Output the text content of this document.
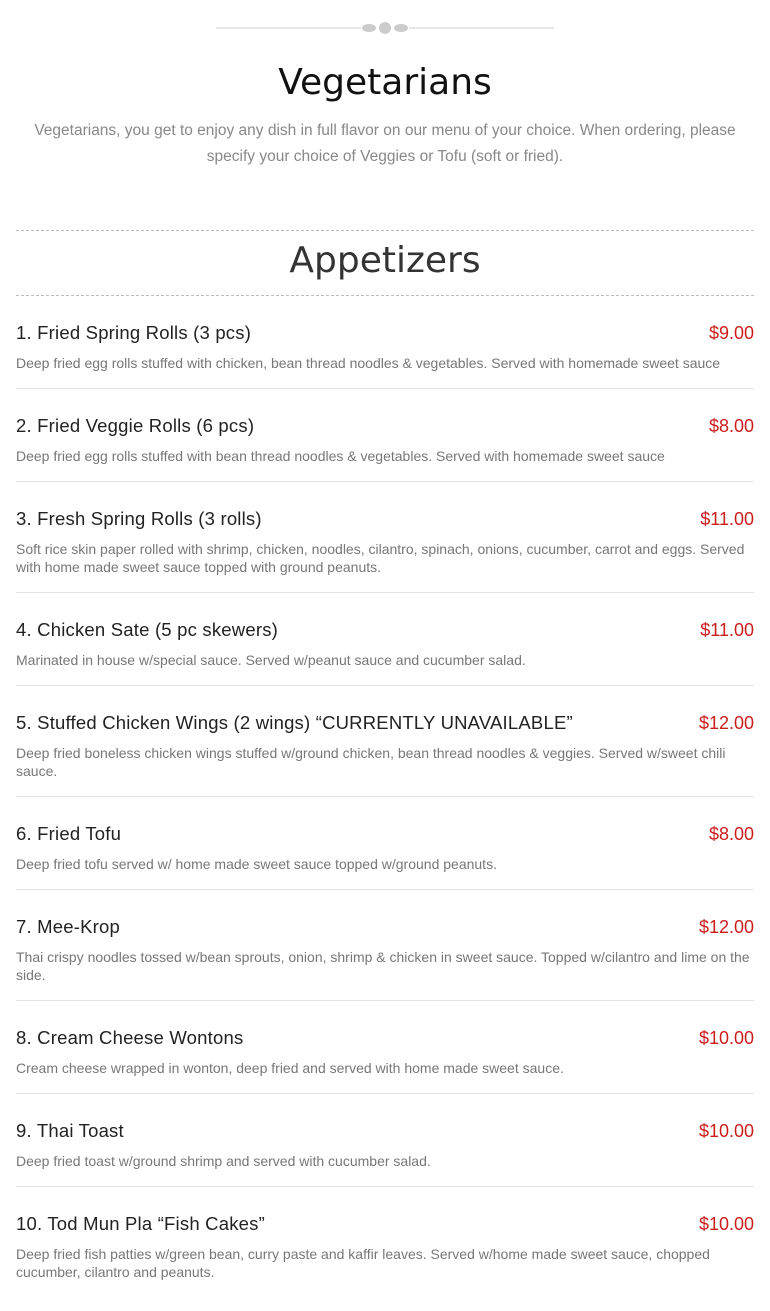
Vegetarians

Vegetarians, you get to enjoy any dish in full flavor on our menu of your choice. When ordering, please specify your choice of Veggies or Tofu (soft or fried).

Appetizers
1. Fried Spring Rolls (3 pcs)	$9.00
Deep fried egg rolls stuffed with chicken, bean thread noodles & vegetables. Served with homemade sweet sauce
2. Fried Veggie Rolls (6 pcs)	$8.00
Deep fried egg rolls stuffed with bean thread noodles & vegetables. Served with homemade sweet sauce
3. Fresh Spring Rolls (3 rolls)	$11.00
Soft rice skin paper rolled with shrimp, chicken, noodles, cilantro, spinach, onions, cucumber, carrot and eggs. Served with home made sweet sauce topped with ground peanuts.
4. Chicken Sate (5 pc skewers)	$11.00
Marinated in house w/special sauce. Served w/peanut sauce and cucumber salad.
5. Stuffed Chicken Wings (2 wings) “CURRENTLY UNAVAILABLE”	$12.00
Deep fried boneless chicken wings stuffed w/ground chicken, bean thread noodles & veggies. Served w/sweet chili sauce.
6. Fried Tofu	$8.00
Deep fried tofu served w/ home made sweet sauce topped w/ground peanuts.
7. Mee-Krop	$12.00
Thai crispy noodles tossed w/bean sprouts, onion, shrimp & chicken in sweet sauce. Topped w/cilantro and lime on the side.
8. Cream Cheese Wontons	$10.00
Cream cheese wrapped in wonton, deep fried and served with home made sweet sauce.
9. Thai Toast	$10.00
Deep fried toast w/ground shrimp and served with cucumber salad.
10. Tod Mun Pla “Fish Cakes”	$10.00
Deep fried fish patties w/green bean, curry paste and kaffir leaves. Served w/home made sweet sauce, chopped cucumber, cilantro and peanuts.
